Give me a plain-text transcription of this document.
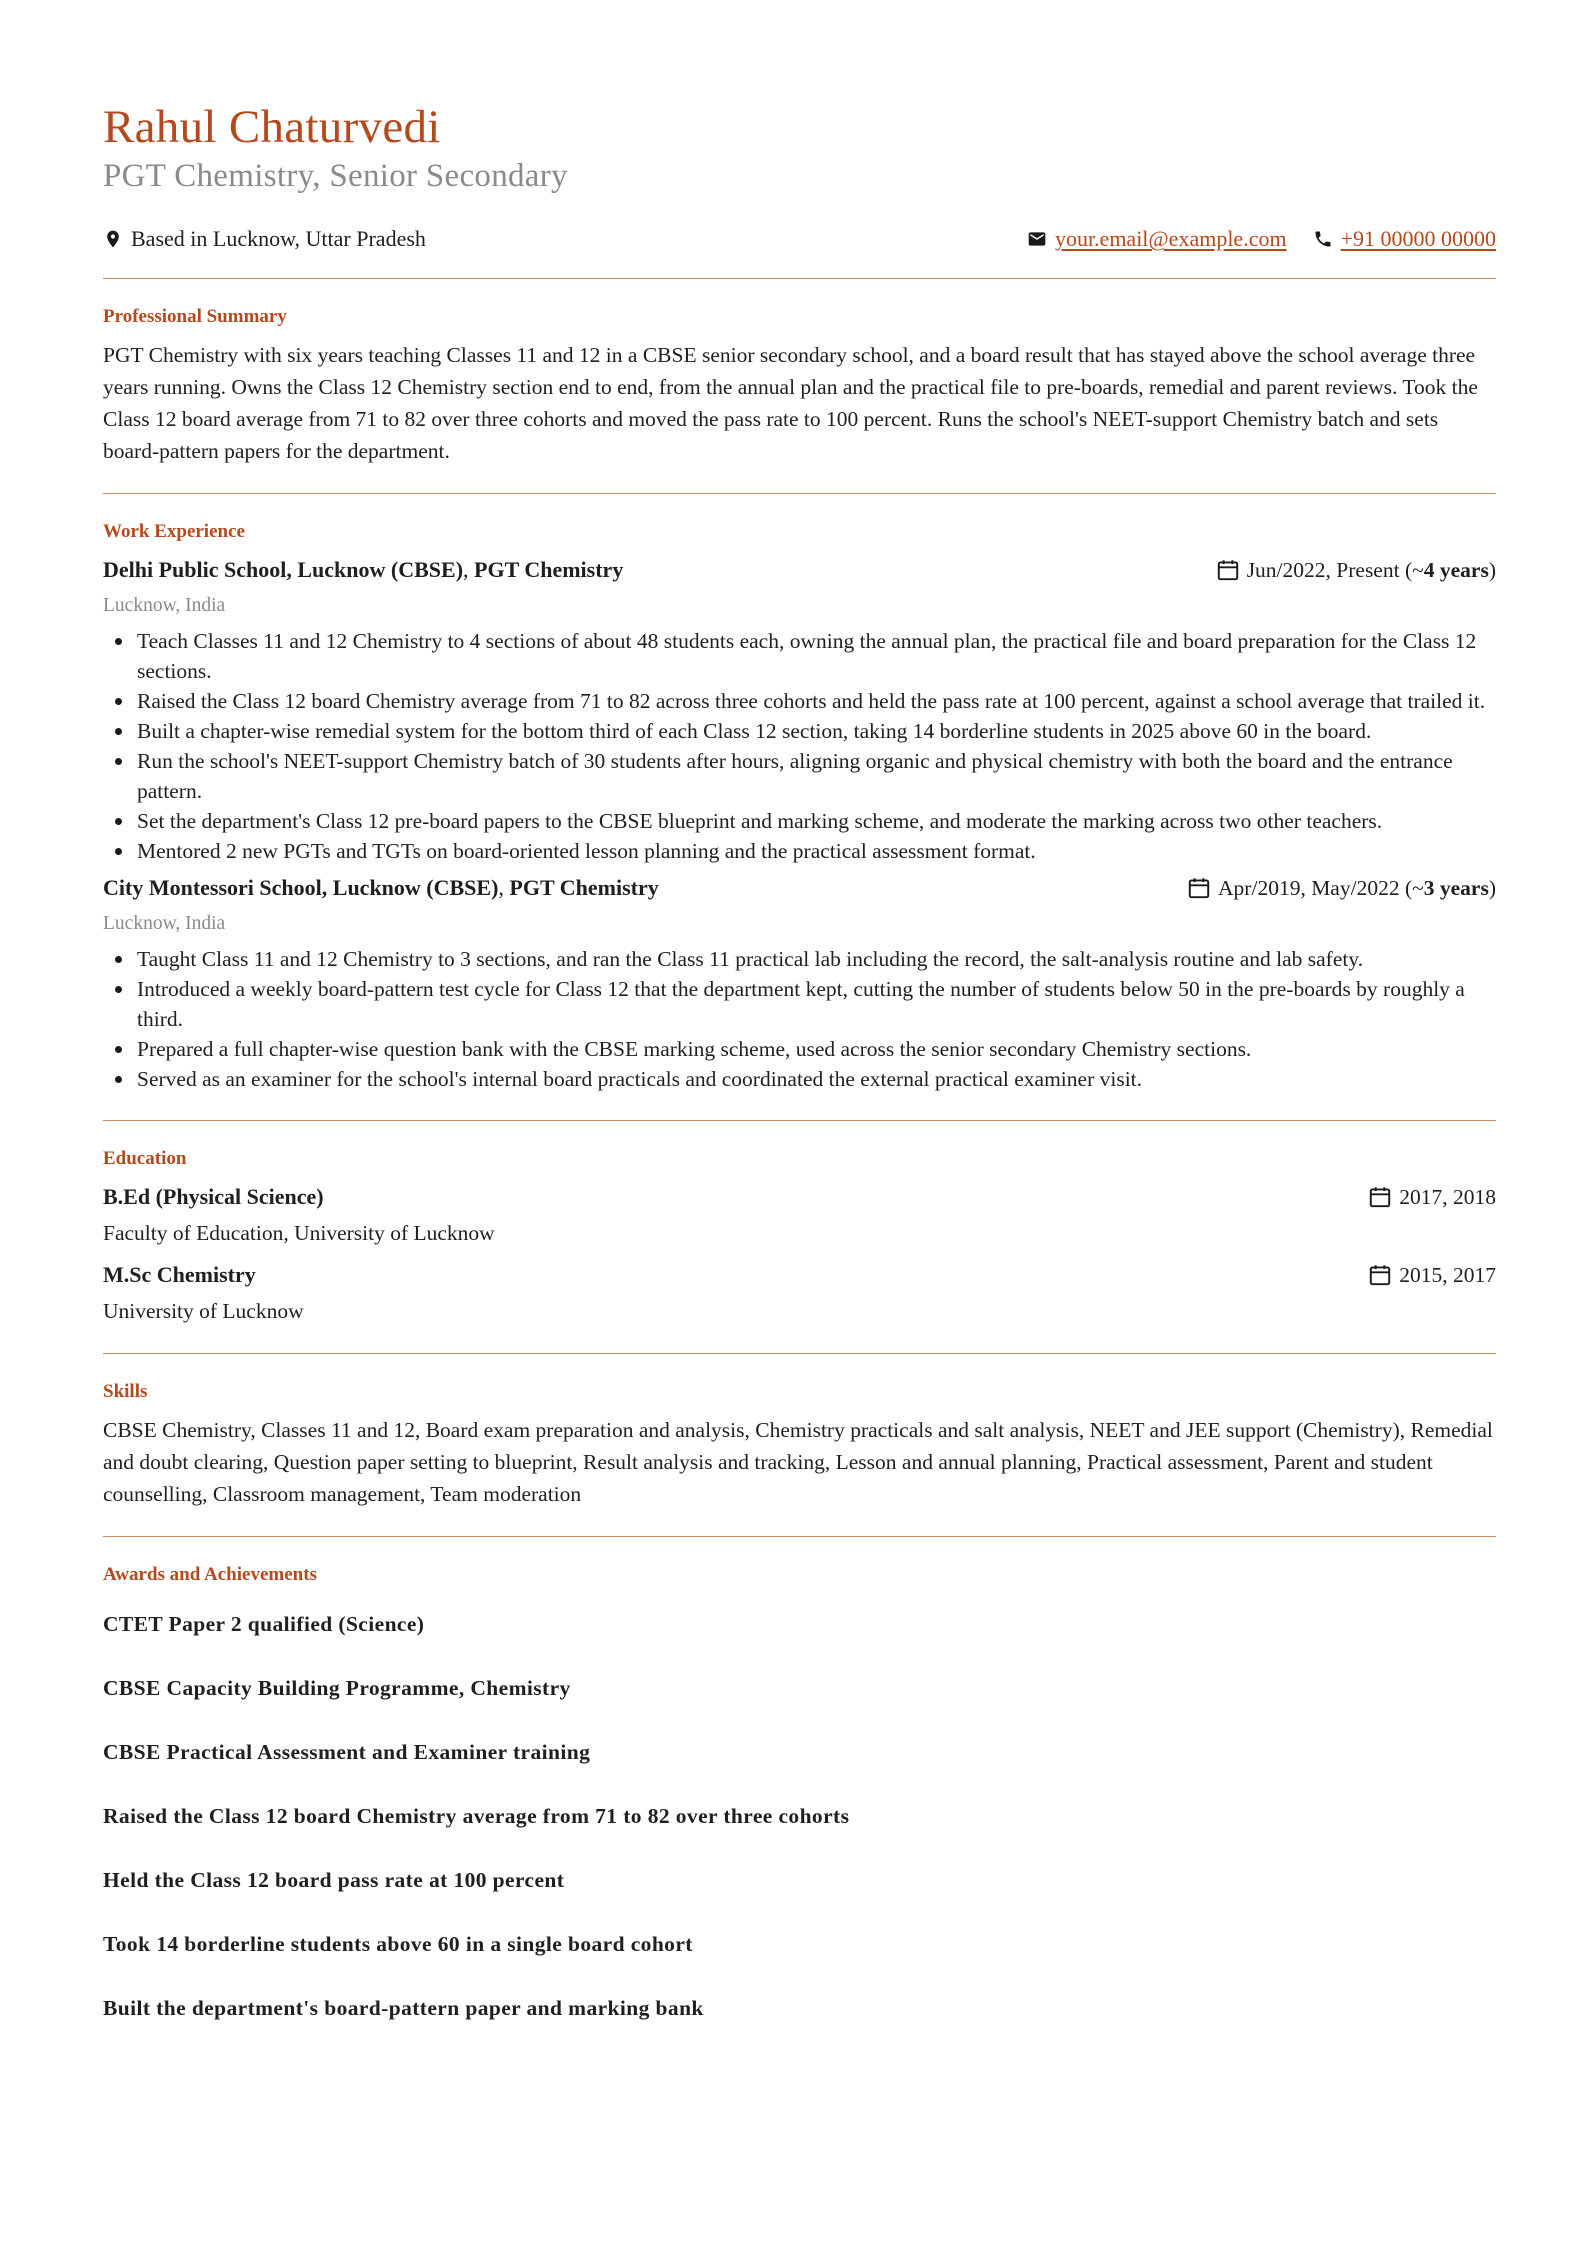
Rahul Chaturvedi
PGT Chemistry, Senior Secondary
Based in Lucknow, Uttar Pradesh	your.email@example.com +91 00000 00000
Professional Summary

PGT Chemistry with six years teaching Classes 11 and 12 in a CBSE senior secondary school, and a board result that has stayed above the school average three years running. Owns the Class 12 Chemistry section end to end, from the annual plan and the practical file to pre-boards, remedial and parent reviews. Took the Class 12 board average from 71 to 82 over three cohorts and moved the pass rate to 100 percent. Runs the school's NEET-support Chemistry batch and sets board-pattern papers for the department.

Work Experience
Delhi Public School, Lucknow (CBSE), PGT Chemistry	Jun/2022, Present (~ 4 years )
Lucknow, India
Teach Classes 11 and 12 Chemistry to 4 sections of about 48 students each, owning the annual plan, the practical file and board preparation for the Class 12 sections.
Raised the Class 12 board Chemistry average from 71 to 82 across three cohorts and held the pass rate at 100 percent, against a school average that trailed it.
Built a chapter-wise remedial system for the bottom third of each Class 12 section, taking 14 borderline students in 2025 above 60 in the board.
Run the school's NEET-support Chemistry batch of 30 students after hours, aligning organic and physical chemistry with both the board and the entrance pattern.
Set the department's Class 12 pre-board papers to the CBSE blueprint and marking scheme, and moderate the marking across two other teachers.
Mentored 2 new PGTs and TGTs on board-oriented lesson planning and the practical assessment format.
City Montessori School, Lucknow (CBSE), PGT Chemistry	Apr/2019, May/2022 (~ 3 years )
Lucknow, India
Taught Class 11 and 12 Chemistry to 3 sections, and ran the Class 11 practical lab including the record, the salt-analysis routine and lab safety.
Introduced a weekly board-pattern test cycle for Class 12 that the department kept, cutting the number of students below 50 in the pre-boards by roughly a third.
Prepared a full chapter-wise question bank with the CBSE marking scheme, used across the senior secondary Chemistry sections.
Served as an examiner for the school's internal board practicals and coordinated the external practical examiner visit.
Education
B.Ed (Physical Science)	2017, 2018
Faculty of Education, University of Lucknow
M.Sc Chemistry	2015, 2017
University of Lucknow
Skills

CBSE Chemistry, Classes 11 and 12, Board exam preparation and analysis, Chemistry practicals and salt analysis, NEET and JEE support (Chemistry), Remedial and doubt clearing, Question paper setting to blueprint, Result analysis and tracking, Lesson and annual planning, Practical assessment, Parent and student counselling, Classroom management, Team moderation

Awards and Achievements
CTET Paper 2 qualified (Science)
CBSE Capacity Building Programme, Chemistry
CBSE Practical Assessment and Examiner training
Raised the Class 12 board Chemistry average from 71 to 82 over three cohorts
Held the Class 12 board pass rate at 100 percent
Took 14 borderline students above 60 in a single board cohort
Built the department's board-pattern paper and marking bank
